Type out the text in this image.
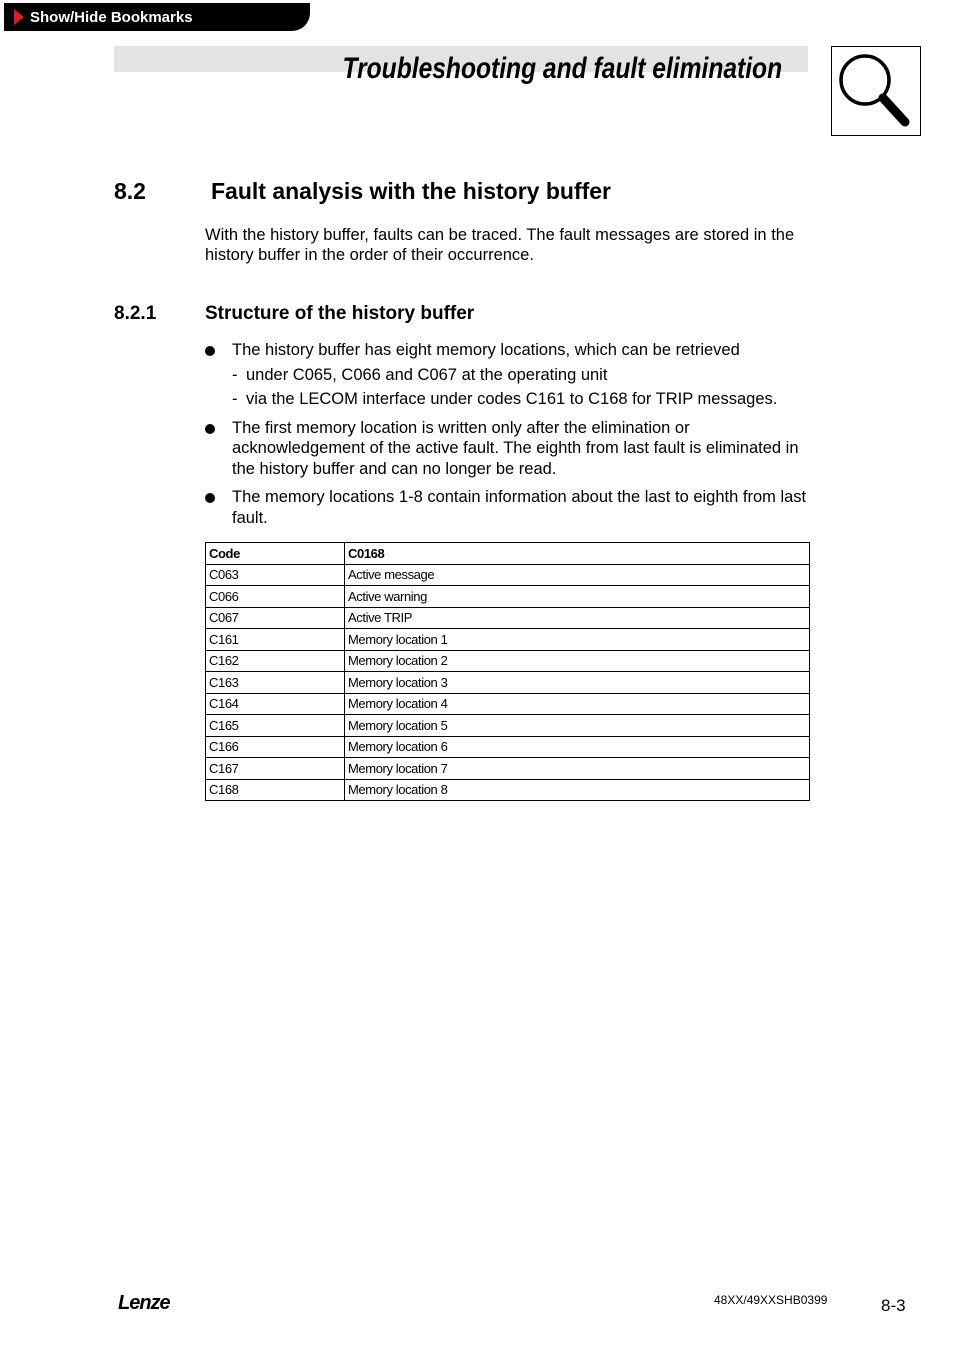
Show/Hide Bookmarks
Troubleshooting and fault elimination
8.2	Fault analysis with the history buffer

With the history buffer, faults can be traced. The fault messages are stored in the history buffer in the order of their occurrence.

8.2.1	Structure of the history buffer
The history buffer has eight memory locations, which can be retrieved
- under C065, C066 and C067 at the operating unit
- via the LECOM interface under codes C161 to C168 for TRIP messages.
The first memory location is written only after the elimination or acknowledgement of the active fault. The eighth from last fault is eliminated in the history buffer and can no longer be read.
The memory locations 1-8 contain information about the last to eighth from last fault.
Code	C0168
C063	Active message
C066	Active warning
C067	Active TRIP
C161	Memory location 1
C162	Memory location 2
C163	Memory location 3
C164	Memory location 4
C165	Memory location 5
C166	Memory location 6
C167	Memory location 7
C168	Memory location 8
Lenze	48XX/49XXSHB0399	8-3
